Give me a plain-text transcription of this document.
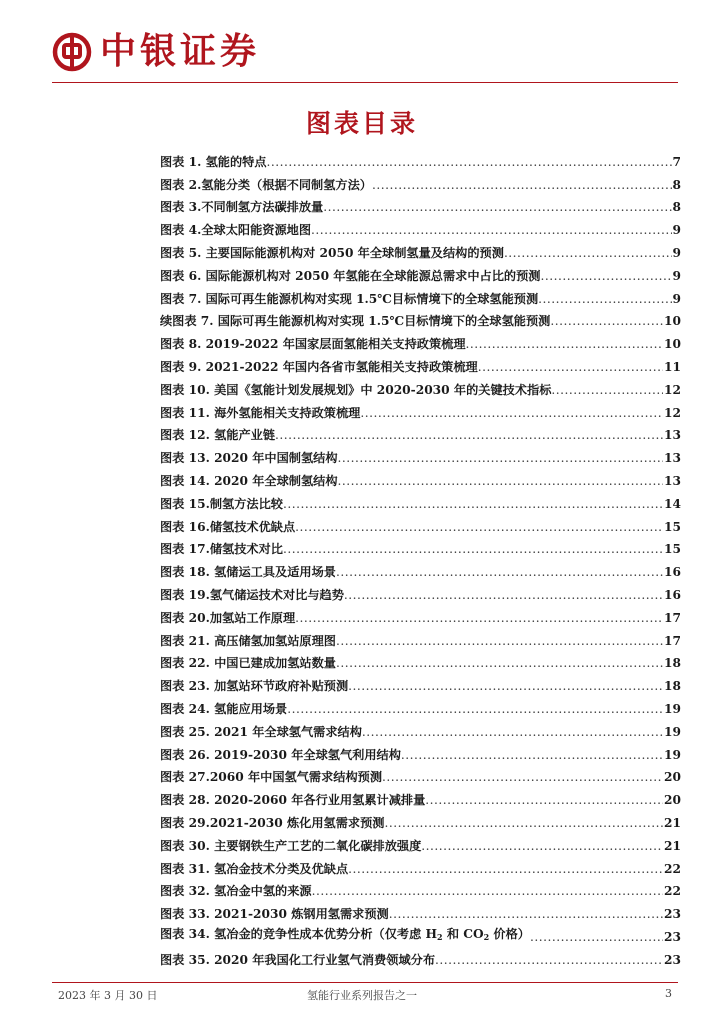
中银证券
图表目录
图表 1. 氢能的特点 .....	7
图表 2.氢能分类（根据不同制氢方法） .....	8
图表 3.不同制氢方法碳排放量 .....	8
图表 4.全球太阳能资源地图 .....	9
图表 5. 主要国际能源机构对 2050 年全球制氢量及结构的预测 .....	9
图表 6. 国际能源机构对 2050 年氢能在全球能源总需求中占比的预测 .....	9
图表 7. 国际可再生能源机构对实现 1.5℃目标情境下的全球氢能预测 .....	9
续图表 7. 国际可再生能源机构对实现 1.5℃目标情境下的全球氢能预测 .....	10
图表 8. 2019-2022 年国家层面氢能相关支持政策梳理 .....	10
图表 9. 2021-2022 年国内各省市氢能相关支持政策梳理 .....	11
图表 10. 美国《氢能计划发展规划》中 2020-2030 年的关键技术指标 .....	12
图表 11. 海外氢能相关支持政策梳理 .....	12
图表 12. 氢能产业链 .....	13
图表 13. 2020 年中国制氢结构 .....	13
图表 14. 2020 年全球制氢结构 .....	13
图表 15.制氢方法比较 .....	14
图表 16.储氢技术优缺点 .....	15
图表 17.储氢技术对比 .....	15
图表 18. 氢储运工具及适用场景 .....	16
图表 19.氢气储运技术对比与趋势 .....	16
图表 20.加氢站工作原理 .....	17
图表 21. 高压储氢加氢站原理图 .....	17
图表 22. 中国已建成加氢站数量 .....	18
图表 23. 加氢站环节政府补贴预测 .....	18
图表 24. 氢能应用场景 .....	19
图表 25. 2021 年全球氢气需求结构 .....	19
图表 26. 2019-2030 年全球氢气利用结构 .....	19
图表 27.2060 年中国氢气需求结构预测 .....	20
图表 28. 2020-2060 年各行业用氢累计减排量 .....	20
图表 29.2021-2030 炼化用氢需求预测 .....	21
图表 30. 主要钢铁生产工艺的二氧化碳排放强度 .....	21
图表 31. 氢冶金技术分类及优缺点 .....	22
图表 32. 氢冶金中氢的来源 .....	22
图表 33. 2021-2030 炼钢用氢需求预测 .....	23
图表 34. 氢冶金的竞争性成本优势分析（仅考虑 $H_2$ 和 $CO_2$ 价格） .....	23
图表 35. 2020 年我国化工行业氢气消费领域分布 .....	23
2023 年 3 月 30 日	氢能行业系列报告之一	3
